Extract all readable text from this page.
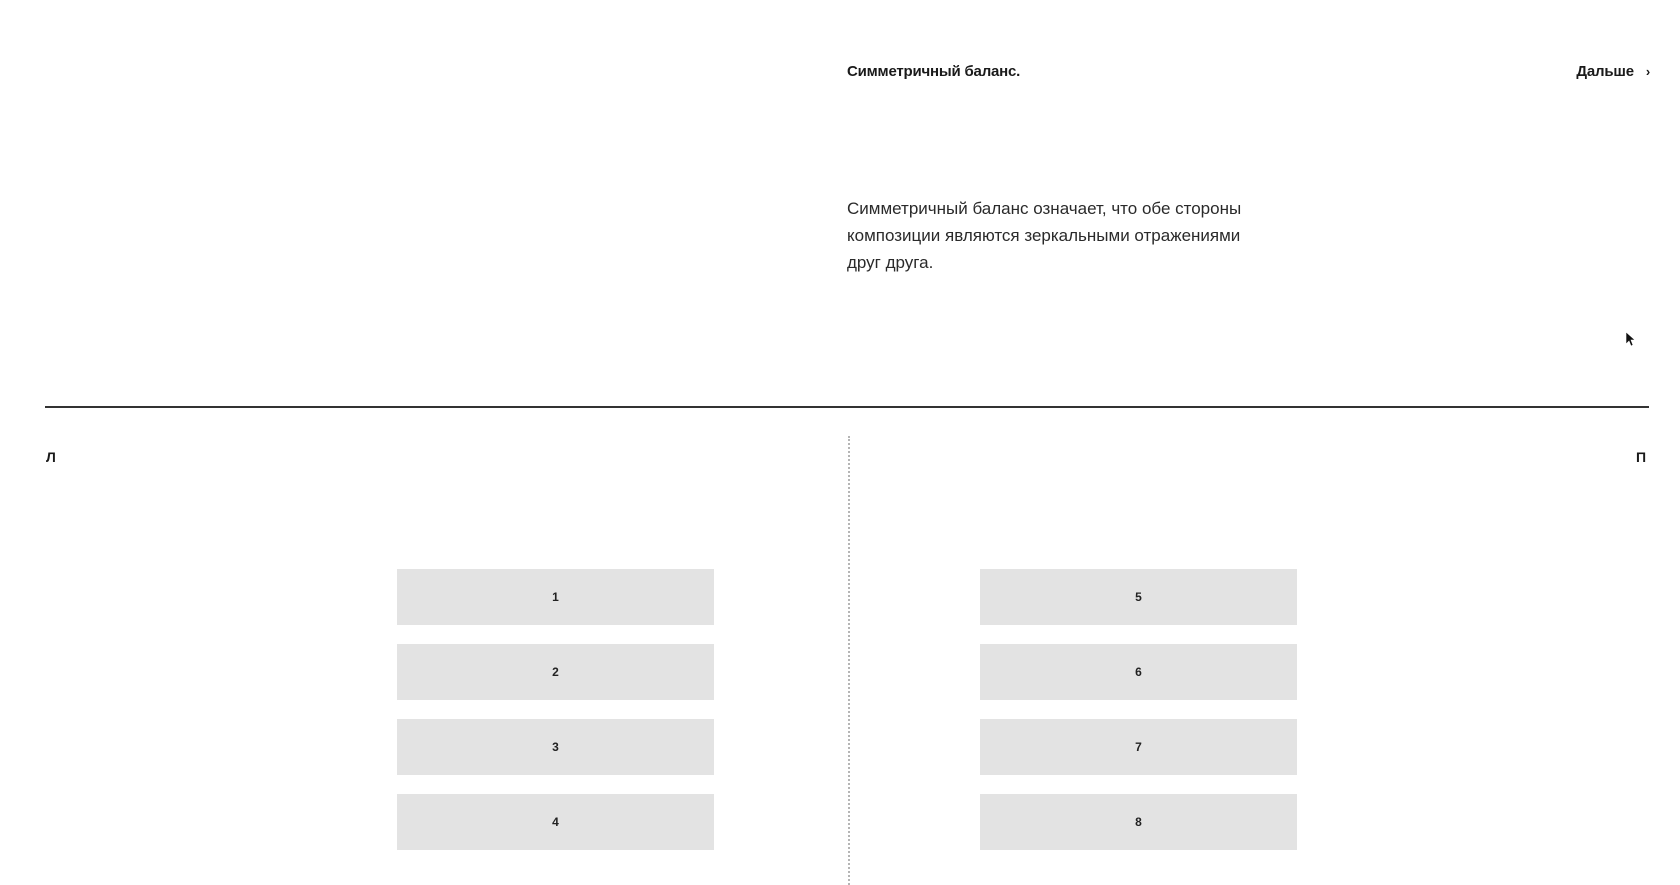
Симметричный баланс.	Дальше ›
Симметричный баланс означает, что обе стороны композиции являются зеркальными отражениями друг друга.
Л	П
1
2
3
4
5
6
7
8
